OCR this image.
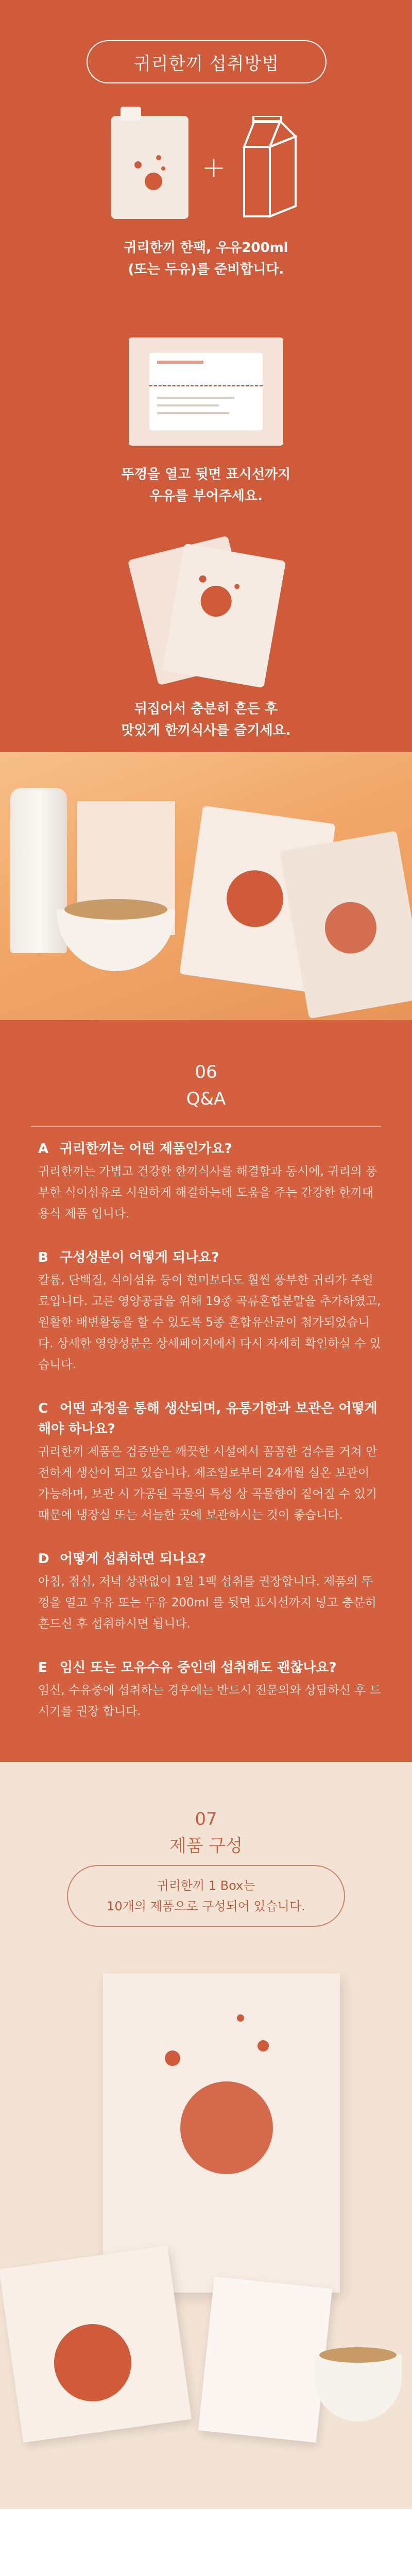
귀리한끼 섭취방법
+
귀리한끼 한팩, 우유200ml
(또는 두유)를 준비합니다.
뚜껑을 열고 뒷면 표시선까지
우유를 부어주세요.
뒤집어서 충분히 흔든 후
맛있게 한끼식사를 즐기세요.
06
Q&A
A 귀리한끼는 어떤 제품인가요?
귀리한끼는 가볍고 건강한 한끼식사를 해결함과 동시에, 귀리의 풍부한 식이섬유로 시원하게 해결하는데 도움을 주는 간강한 한끼대용식 제품 입니다.
B 구성성분이 어떻게 되나요?
칼륨, 단백질, 식이섬유 등이 현미보다도 훨씬 풍부한 귀리가 주원료입니다. 고른 영양공급을 위해 19종 곡류혼합분말을 추가하였고, 원활한 배변활동을 할 수 있도록 5종 혼합유산균이 첨가되었습니다. 상세한 영양성분은 상세페이지에서 다시 자세히 확인하실 수 있습니다.
C 어떤 과정을 통해 생산되며, 유통기한과 보관은 어떻게 해야 하나요?
귀리한끼 제품은 검증받은 깨끗한 시설에서 꼼꼼한 검수를 거쳐 안전하게 생산이 되고 있습니다. 제조일로부터 24개월 실온 보관이 가능하며, 보관 시 가공된 곡물의 특성 상 곡물향이 짙어질 수 있기 때문에 냉장실 또는 서늘한 곳에 보관하시는 것이 좋습니다.
D 어떻게 섭취하면 되나요?
아침, 점심, 저녁 상관없이 1일 1팩 섭취를 권장합니다. 제품의 뚜껑을 열고 우유 또는 두유 200ml 를 뒷면 표시선까지 넣고 충분히 흔드신 후 섭취하시면 됩니다.
E 임신 또는 모유수유 중인데 섭취해도 괜찮나요?
임신, 수유중에 섭취하는 경우에는 반드시 전문의와 상담하신 후 드시기를 권장 합니다.
07
제품 구성
귀리한끼 1 Box는
10개의 제품으로 구성되어 있습니다.
